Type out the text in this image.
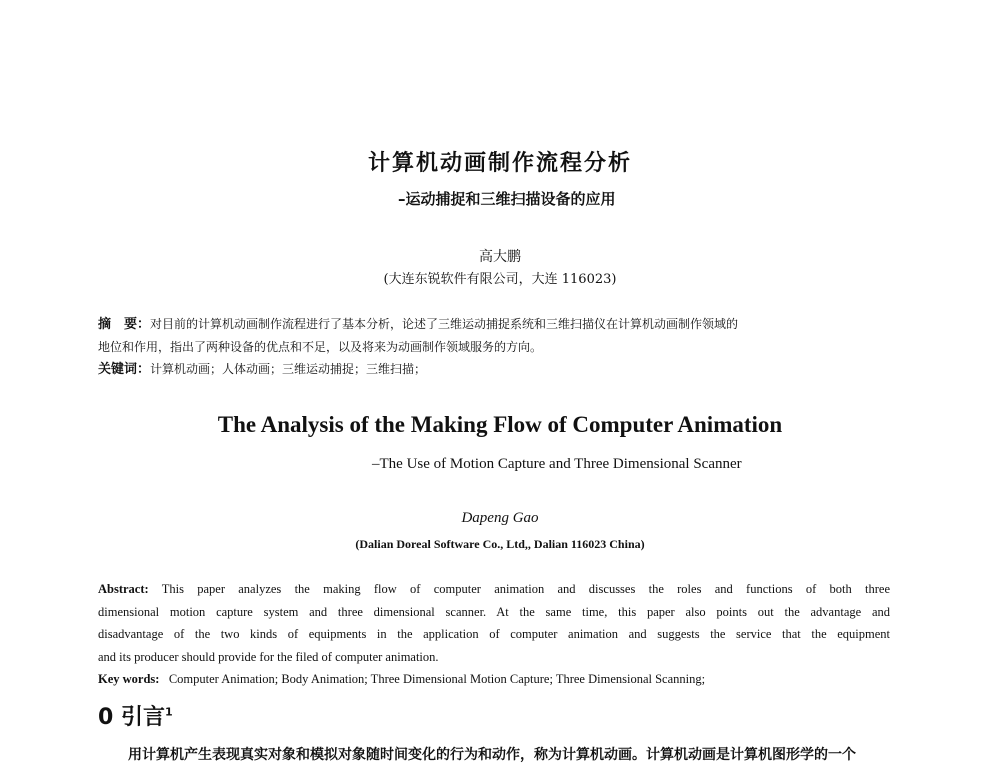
计算机动画制作流程分析
–运动捕捉和三维扫描设备的应用
高大鹏
(大连东锐软件有限公司，大连 116023)
摘　要：对目前的计算机动画制作流程进行了基本分析，论述了三维运动捕捉系统和三维扫描仪在计算机动画制作领域的
地位和作用，指出了两种设备的优点和不足，以及将来为动画制作领域服务的方向。
关键词：计算机动画；人体动画；三维运动捕捉；三维扫描；
The Analysis of the Making Flow of Computer Animation
–The Use of Motion Capture and Three Dimensional Scanner
Dapeng Gao
(Dalian Doreal Software Co., Ltd,, Dalian 116023 China)
Abstract: This paper analyzes the making flow of computer animation and discusses the roles and functions of both three
dimensional motion capture system and three dimensional scanner. At the same time, this paper also points out the advantage and
disadvantage of the two kinds of equipments in the application of computer animation and suggests the service that the equipment
and its producer should provide for the filed of computer animation.
Key words: Computer Animation; Body Animation; Three Dimensional Motion Capture; Three Dimensional Scanning;
0 引言$^1$
用计算机产生表现真实对象和模拟对象随时间变化的行为和动作，称为计算机动画。计算机动画是计算机图形学的一个
